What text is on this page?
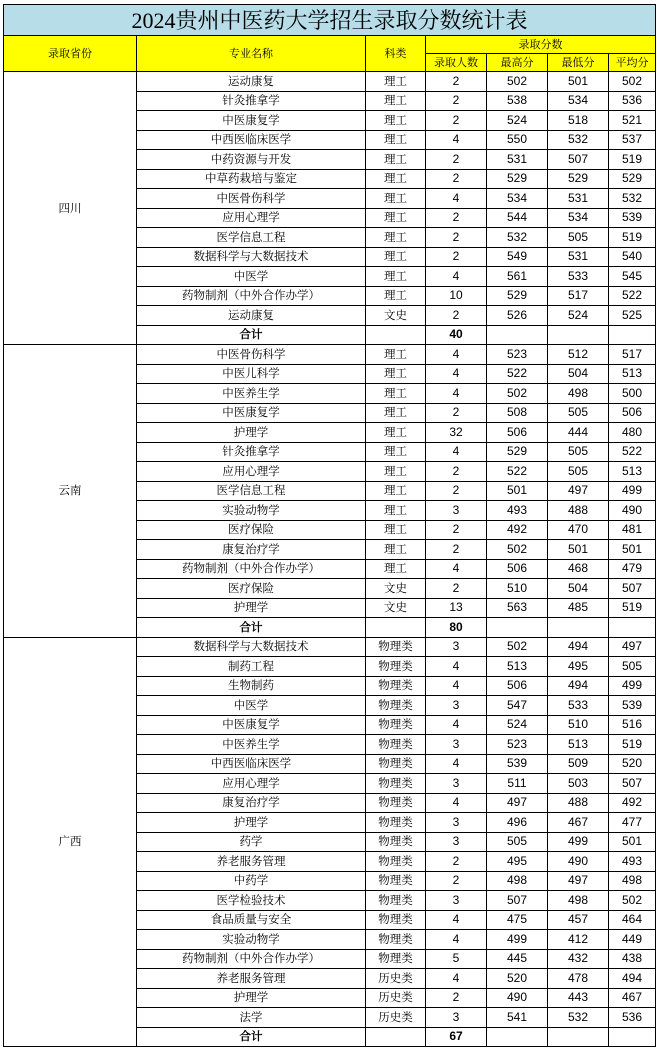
2024贵州中医药大学招生录取分数统计表						
录取省份	专业名称	科类	录取分数			
			录取人数	最高分	最低分	平均分
四川	运动康复	理工	2	502	501	502
	针灸推拿学	理工	2	538	534	536
	中医康复学	理工	2	524	518	521
	中西医临床医学	理工	4	550	532	537
	中药资源与开发	理工	2	531	507	519
	中草药栽培与鉴定	理工	2	529	529	529
	中医骨伤科学	理工	4	534	531	532
	应用心理学	理工	2	544	534	539
	医学信息工程	理工	2	532	505	519
	数据科学与大数据技术	理工	2	549	531	540
	中医学	理工	4	561	533	545
	药物制剂（中外合作办学）	理工	10	529	517	522
	运动康复	文史	2	526	524	525
	合计		40			
云南	中医骨伤科学	理工	4	523	512	517
	中医儿科学	理工	4	522	504	513
	中医养生学	理工	4	502	498	500
	中医康复学	理工	2	508	505	506
	护理学	理工	32	506	444	480
	针灸推拿学	理工	4	529	505	522
	应用心理学	理工	2	522	505	513
	医学信息工程	理工	2	501	497	499
	实验动物学	理工	3	493	488	490
	医疗保险	理工	2	492	470	481
	康复治疗学	理工	2	502	501	501
	药物制剂（中外合作办学）	理工	4	506	468	479
	医疗保险	文史	2	510	504	507
	护理学	文史	13	563	485	519
	合计		80			
广西	数据科学与大数据技术	物理类	3	502	494	497
	制药工程	物理类	4	513	495	505
	生物制药	物理类	4	506	494	499
	中医学	物理类	3	547	533	539
	中医康复学	物理类	4	524	510	516
	中医养生学	物理类	3	523	513	519
	中西医临床医学	物理类	4	539	509	520
	应用心理学	物理类	3	511	503	507
	康复治疗学	物理类	4	497	488	492
	护理学	物理类	3	496	467	477
	药学	物理类	3	505	499	501
	养老服务管理	物理类	2	495	490	493
	中药学	物理类	2	498	497	498
	医学检验技术	物理类	3	507	498	502
	食品质量与安全	物理类	4	475	457	464
	实验动物学	物理类	4	499	412	449
	药物制剂（中外合作办学）	物理类	5	445	432	438
	养老服务管理	历史类	4	520	478	494
	护理学	历史类	2	490	443	467
	法学	历史类	3	541	532	536
	合计		67			
